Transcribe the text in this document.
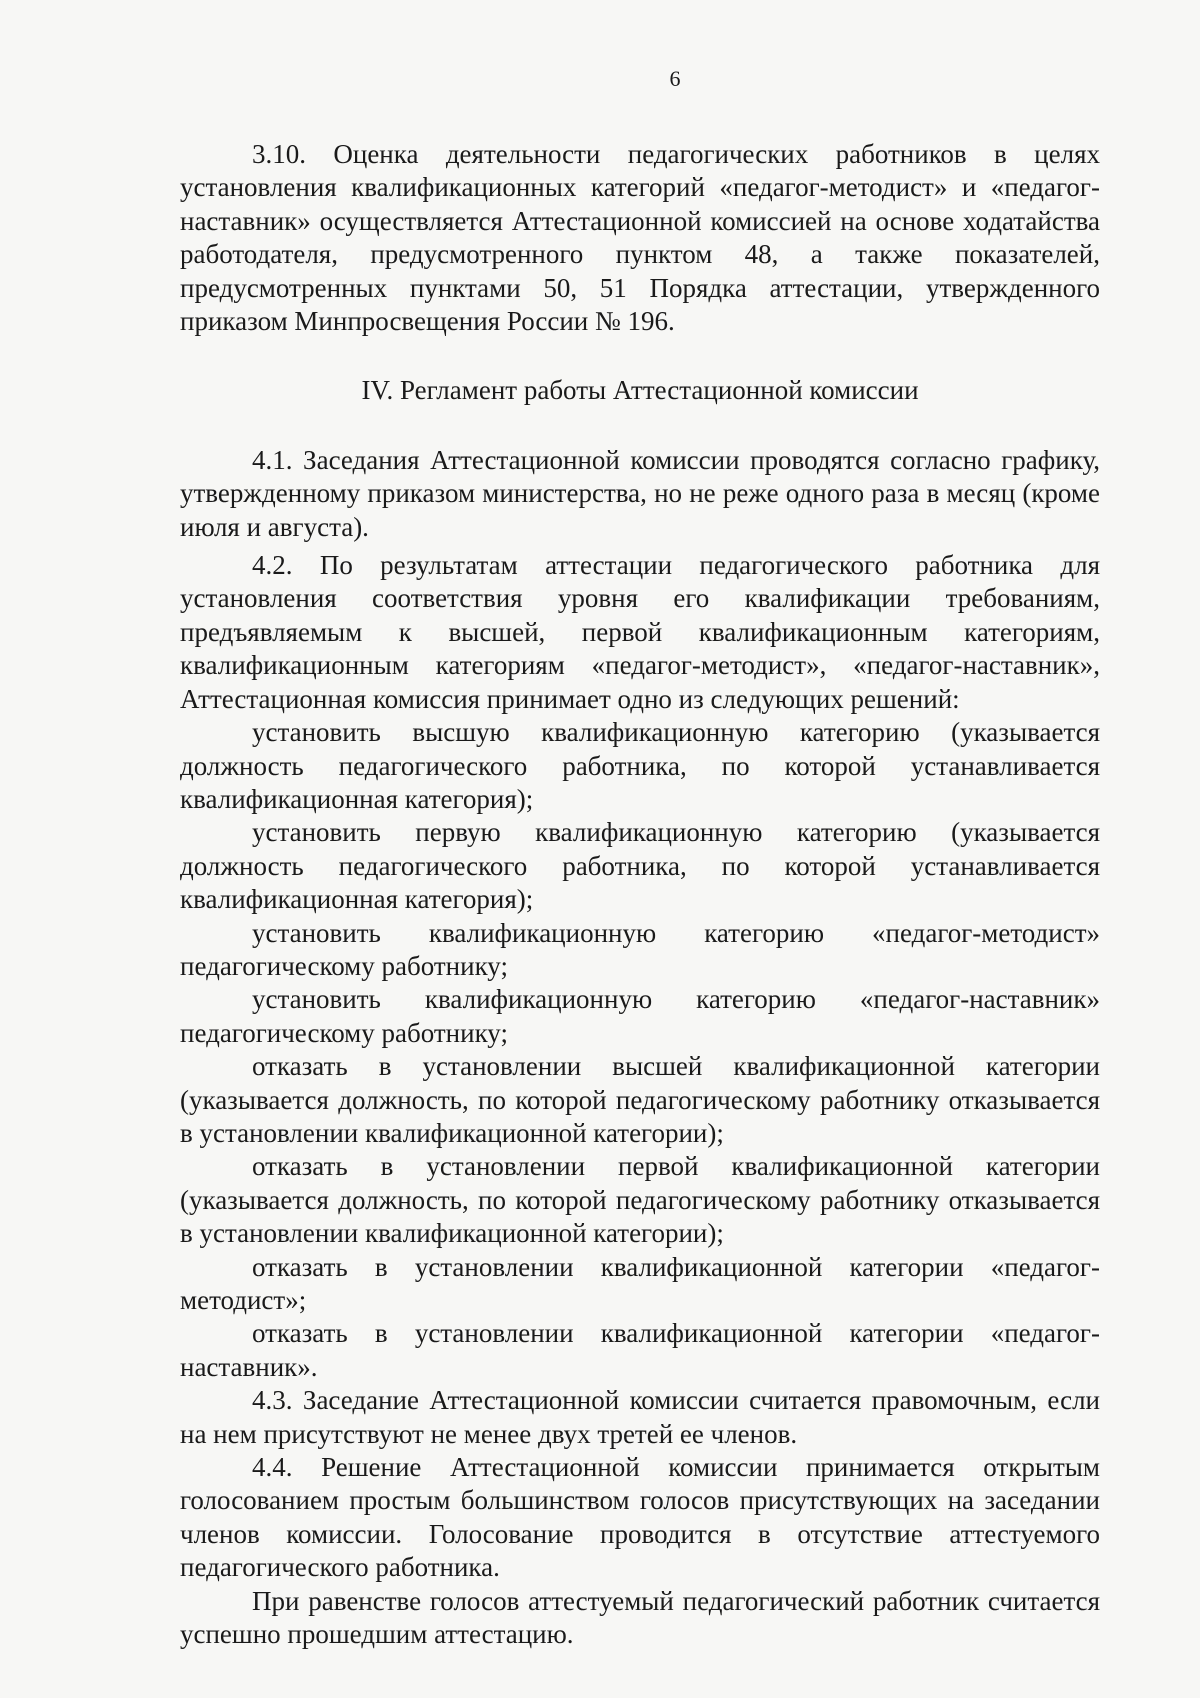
6

3.10. Оценка деятельности педагогических работников в целях установления квалификационных категорий «педагог-методист» и «педагог-наставник» осуществляется Аттестационной комиссией на основе ходатайства работодателя, предусмотренного пунктом 48, а также показателей, предусмотренных пунктами 50, 51 Порядка аттестации, утвержденного приказом Минпросвещения России № 196.

IV. Регламент работы Аттестационной комиссии

4.1. Заседания Аттестационной комиссии проводятся согласно графику, утвержденному приказом министерства, но не реже одного раза в месяц (кроме июля и августа).

4.2. По результатам аттестации педагогического работника для установления соответствия уровня его квалификации требованиям, предъявляемым к высшей, первой квалификационным категориям, квалификационным категориям «педагог-методист», «педагог-наставник», Аттестационная комиссия принимает одно из следующих решений:

установить высшую квалификационную категорию (указывается должность педагогического работника, по которой устанавливается квалификационная категория);
установить первую квалификационную категорию (указывается должность педагогического работника, по которой устанавливается квалификационная категория);
установить квалификационную категорию «педагог-методист» педагогическому работнику;
установить квалификационную категорию «педагог-наставник» педагогическому работнику;
отказать в установлении высшей квалификационной категории (указывается должность, по которой педагогическому работнику отказывается в установлении квалификационной категории);
отказать в установлении первой квалификационной категории (указывается должность, по которой педагогическому работнику отказывается в установлении квалификационной категории);
отказать в установлении квалификационной категории «педагог-методист»;
отказать в установлении квалификационной категории «педагог-наставник».

4.3. Заседание Аттестационной комиссии считается правомочным, если на нем присутствуют не менее двух третей ее членов.

4.4. Решение Аттестационной комиссии принимается открытым голосованием простым большинством голосов присутствующих на заседании членов комиссии. Голосование проводится в отсутствие аттестуемого педагогического работника.

При равенстве голосов аттестуемый педагогический работник считается успешно прошедшим аттестацию.
